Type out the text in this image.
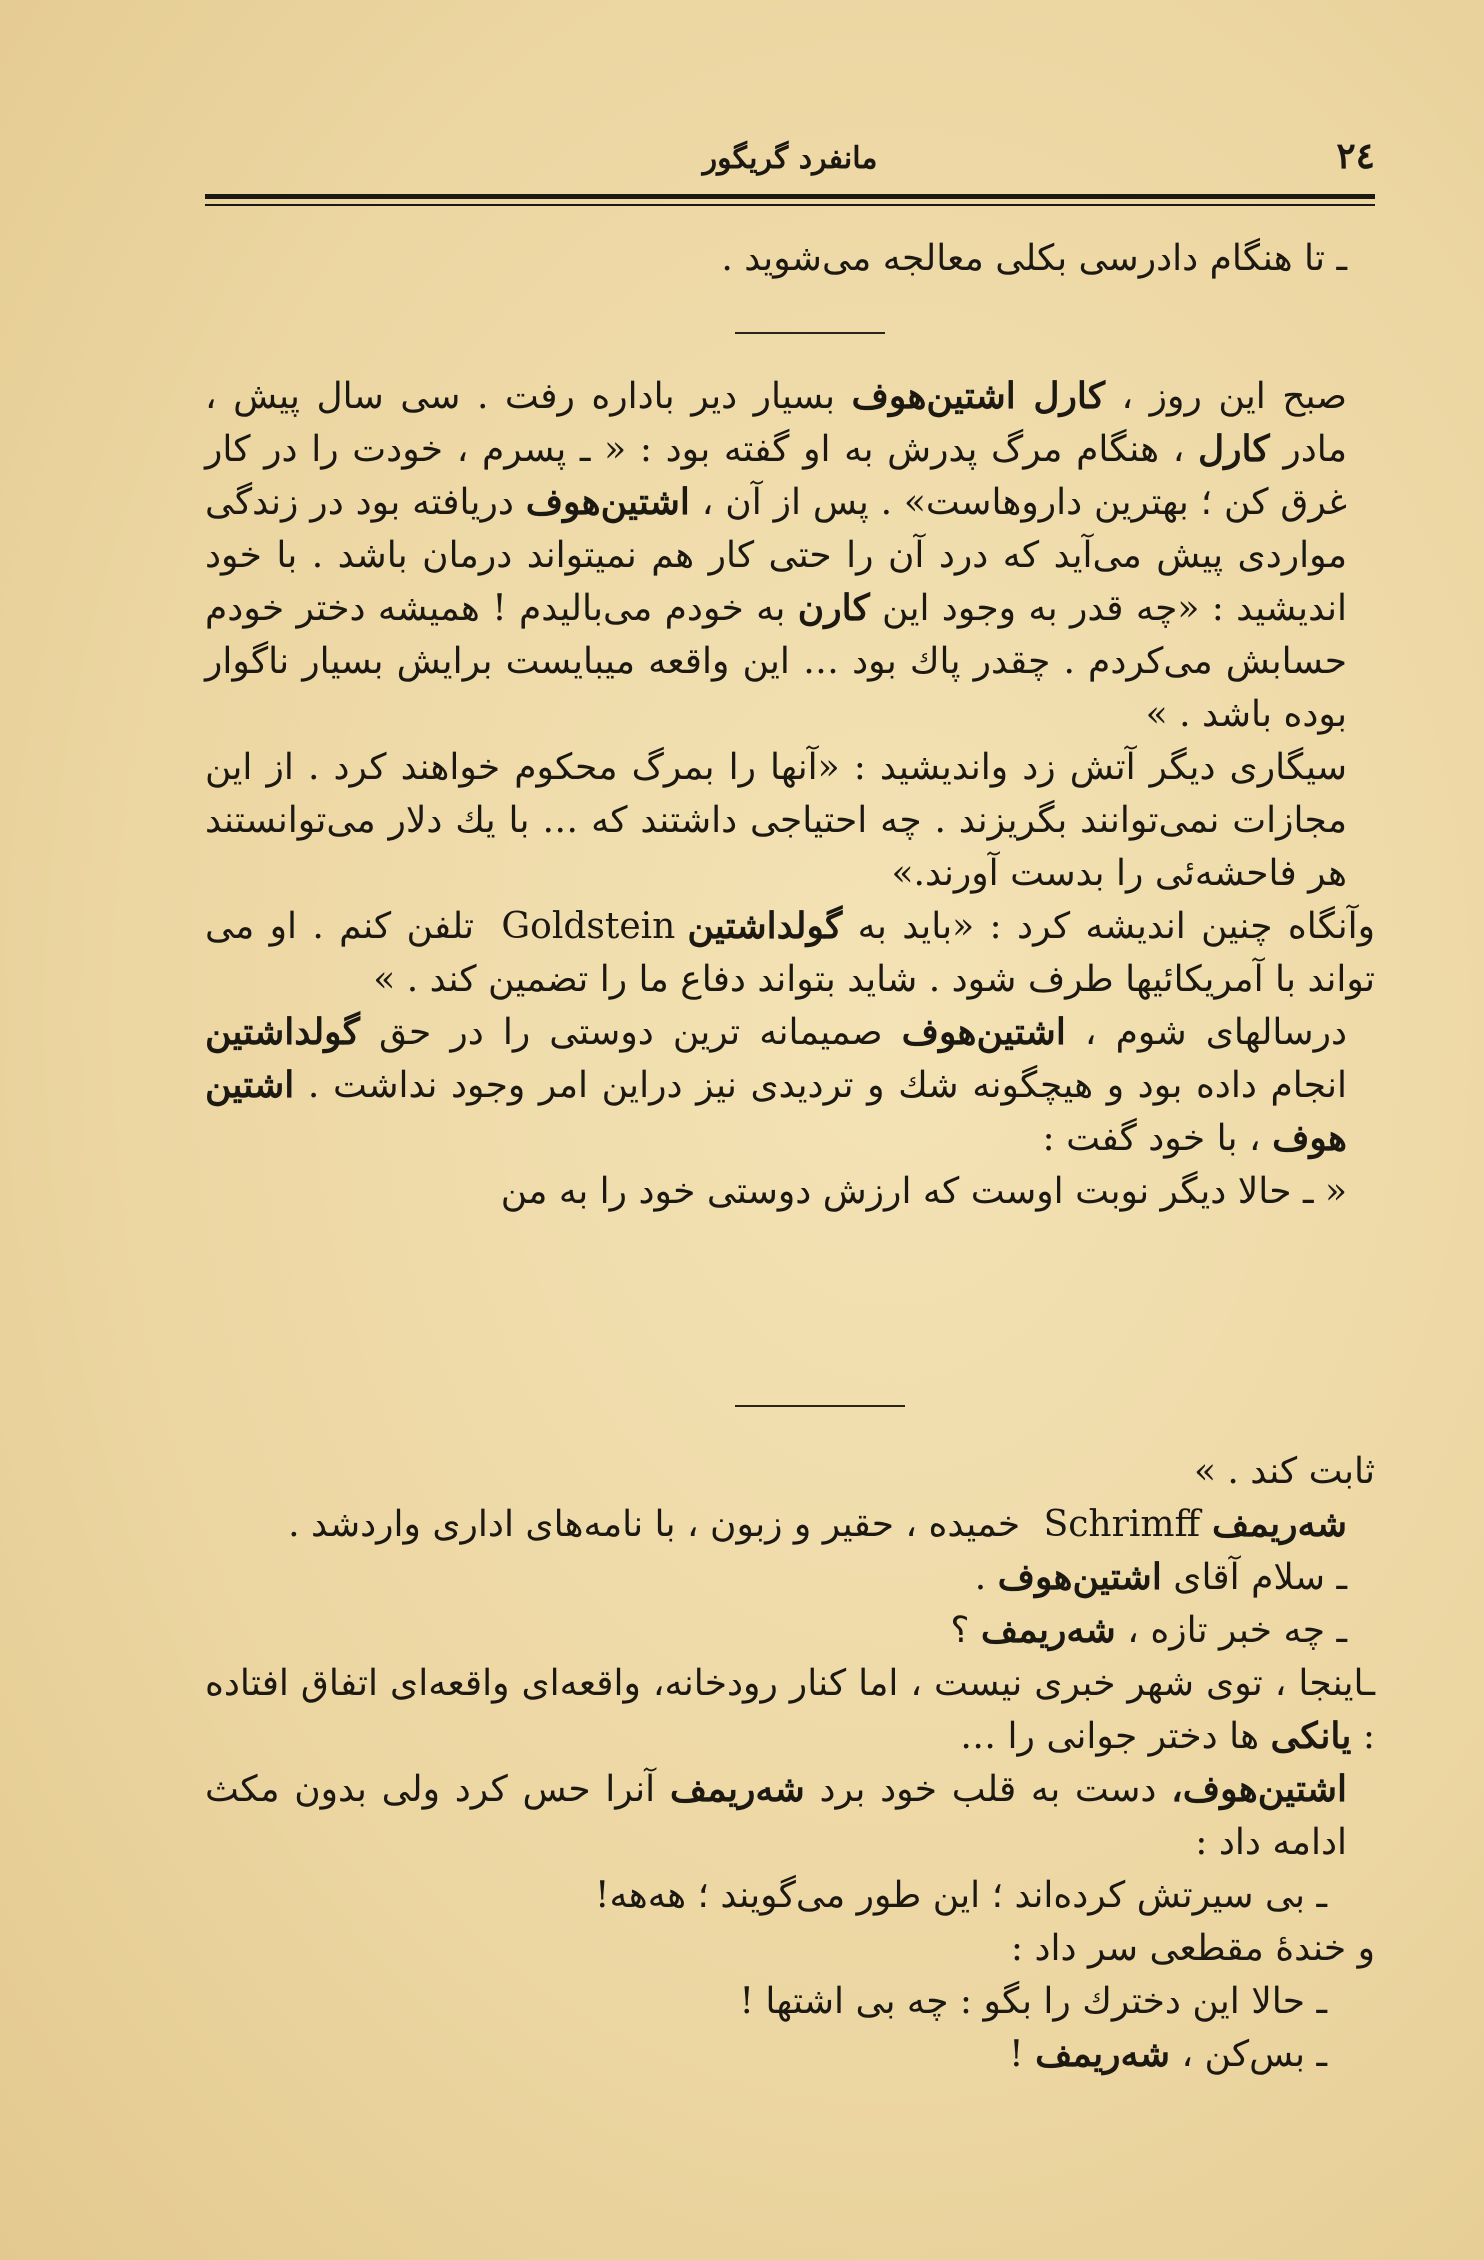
۲٤
مانفرد گریگور

ـ تا هنگام دادرسی بکلی معالجه می‌شوید .

صبح این روز ، کارل اشتین‌هوف بسیار دیر باداره رفت . سی سال پیش ، مادر کارل ، هنگام مرگ پدرش به او گفته بود : « ـ پسرم ، خودت را در کار غرق کن ؛ بهترین داروهاست» . پس از آن ، اشتین‌هوف دریافته بود در زندگی مواردی پیش می‌آید که درد آن را حتی کار هم نمیتواند درمان باشد . با خود اندیشید : «چه قدر به وجود این کارن به خودم می‌بالیدم ! همیشه دختر خودم حسابش می‌کردم . چقدر پاك بود … این واقعه میبایست برایش بسیار ناگوار بوده باشد . »

سیگاری دیگر آتش زد واندیشید : «آنها را بمرگ محکوم خواهند کرد . از این مجازات نمی‌توانند بگریزند . چه احتیاجی داشتند که … با یك دلار می‌توانستند هر فاحشه‌ئی را بدست آورند.»

وآنگاه چنین اندیشه کرد : «باید به گولداشتینGoldstein تلفن کنم . او می تواند با آمریکائیها طرف شود . شاید بتواند دفاع ما را تضمین کند . »

درسالهای شوم ، اشتین‌هوف صمیمانه ترین دوستی را در حق گولداشتین انجام داده بود و هیچگونه شك و تردیدی نیز دراین امر وجود نداشت . اشتین هوف ، با خود گفت :

« ـ حالا دیگر نوبت اوست که ارزش دوستی خود را به من

ثابت کند . »

شه‌ریمفSchrimff خمیده ، حقیر و زبون ، با نامه‌های اداری واردشد .

ـ سلام آقای اشتین‌هوف .

ـ چه خبر تازه ، شه‌ریمف ؟

ـاینجا ، توی شهر خبری نیست ، اما کنار رودخانه، واقعه‌ای واقعه‌ای اتفاق افتاده : یانکی ها دختر جوانی را …

اشتین‌هوف، دست به قلب خود برد شه‌ریمف آنرا حس کرد ولی بدون مکث ادامه داد :

ـ بی سیرتش کرده‌اند ؛ این طور می‌گویند ؛ هه‌هه!

و خندهٔ مقطعی سر داد :

ـ حالا این دخترك را بگو : چه بی اشتها !

ـ بس‌کن ، شه‌ریمف !
